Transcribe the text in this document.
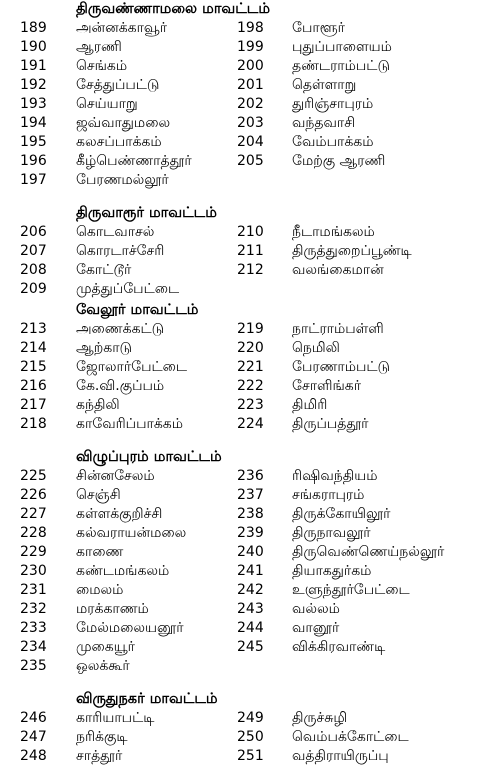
திருவண்ணாமலை மாவட்டம்
189 அன்னக்காவூர்	198 போளூர்
190 ஆரணி	199 புதுப்பாளையம்
191 செங்கம்	200 தண்டராம்பட்டு
192 சேத்துப்பட்டு	201 தெள்ளாறு
193 செய்யாறு	202 துரிஞ்சாபுரம்
194 ஜவ்வாதுமலை	203 வந்தவாசி
195 கலசப்பாக்கம்	204 வேம்பாக்கம்
196 கீழ்பெண்ணாத்தூர்	205 மேற்கு ஆரணி
197 பேரணமல்லூர்
திருவாரூர் மாவட்டம்
206 கொடவாசல்	210 நீடாமங்கலம்
207 கொரடாச்சேரி	211 திருத்துறைப்பூண்டி
208 கோட்டூர்	212 வலங்கைமான்
209 முத்துப்பேட்டை
வேலூர் மாவட்டம்
213 அணைக்கட்டு	219 நாட்ராம்பள்ளி
214 ஆற்காடு	220 நெமிலி
215 ஜோலார்பேட்டை	221 பேரணாம்பட்டு
216 கே.வி.குப்பம்	222 சோளிங்கர்
217 கந்திலி	223 திமிரி
218 காவேரிப்பாக்கம்	224 திருப்பத்தூர்
விழுப்புரம் மாவட்டம்
225 சின்னசேலம்	236 ரிஷிவந்தியம்
226 செஞ்சி	237 சங்கராபுரம்
227 கள்ளக்குறிச்சி	238 திருக்கோயிலூர்
228 கல்வராயன்மலை	239 திருநாவலூர்
229 காணை	240 திருவெண்ணெய்நல்லூர்
230 கண்டமங்கலம்	241 தியாகதுர்கம்
231 மைலம்	242 உளுந்தூர்பேட்டை
232 மரக்காணம்	243 வல்லம்
233 மேல்மலையனூர்	244 வானூர்
234 முகையூர்	245 விக்கிரவாண்டி
235 ஒலக்கூர்
விருதுநகர் மாவட்டம்
246 காரியாபட்டி	249 திருச்சுழி
247 நரிக்குடி	250 வெம்பக்கோட்டை
248 சாத்தூர்	251 வத்திராயிருப்பு
